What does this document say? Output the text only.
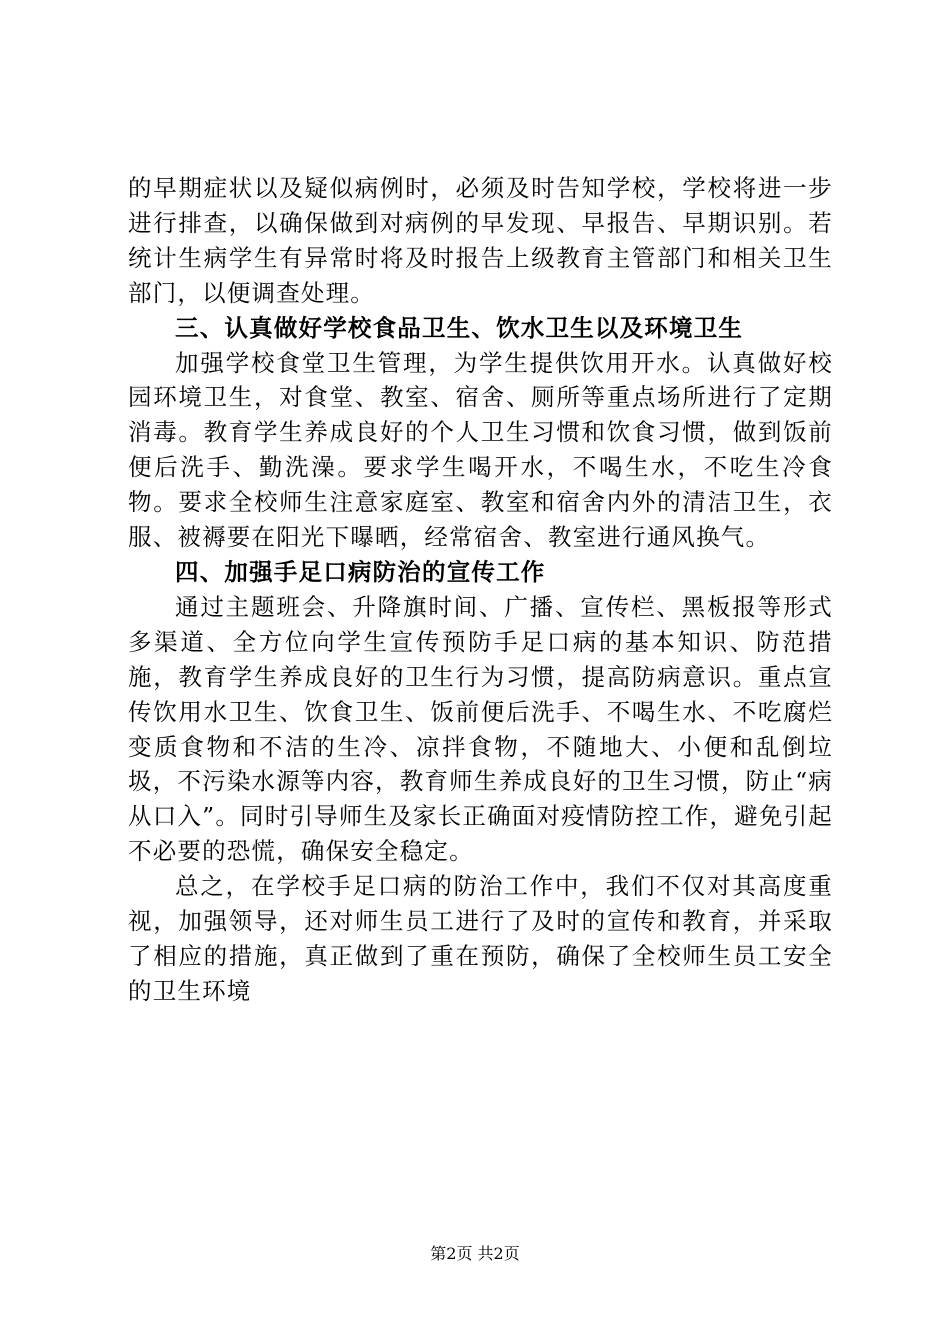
的早期症状以及疑似病例时，必须及时告知学校，学校将进一步进行排查，以确保做到对病例的早发现、早报告、早期识别。若统计生病学生有异常时将及时报告上级教育主管部门和相关卫生部门，以便调查处理。

三、认真做好学校食品卫生、饮水卫生以及环境卫生

加强学校食堂卫生管理，为学生提供饮用开水。认真做好校园环境卫生，对食堂、教室、宿舍、厕所等重点场所进行了定期消毒。教育学生养成良好的个人卫生习惯和饮食习惯，做到饭前便后洗手、勤洗澡。要求学生喝开水，不喝生水，不吃生冷食物。要求全校师生注意家庭室、教室和宿舍内外的清洁卫生，衣服、被褥要在阳光下曝晒，经常宿舍、教室进行通风换气。

四、加强手足口病防治的宣传工作

通过主题班会、升降旗时间、广播、宣传栏、黑板报等形式多渠道、全方位向学生宣传预防手足口病的基本知识、防范措施，教育学生养成良好的卫生行为习惯，提高防病意识。重点宣传饮用水卫生、饮食卫生、饭前便后洗手、不喝生水、不吃腐烂变质食物和不洁的生冷、凉拌食物，不随地大、小便和乱倒垃圾，不污染水源等内容，教育师生养成良好的卫生习惯，防止“病从口入”。同时引导师生及家长正确面对疫情防控工作，避免引起不必要的恐慌，确保安全稳定。

总之，在学校手足口病的防治工作中，我们不仅对其高度重视，加强领导，还对师生员工进行了及时的宣传和教育，并采取了相应的措施，真正做到了重在预防，确保了全校师生员工安全的卫生环境

第2页 共2页
